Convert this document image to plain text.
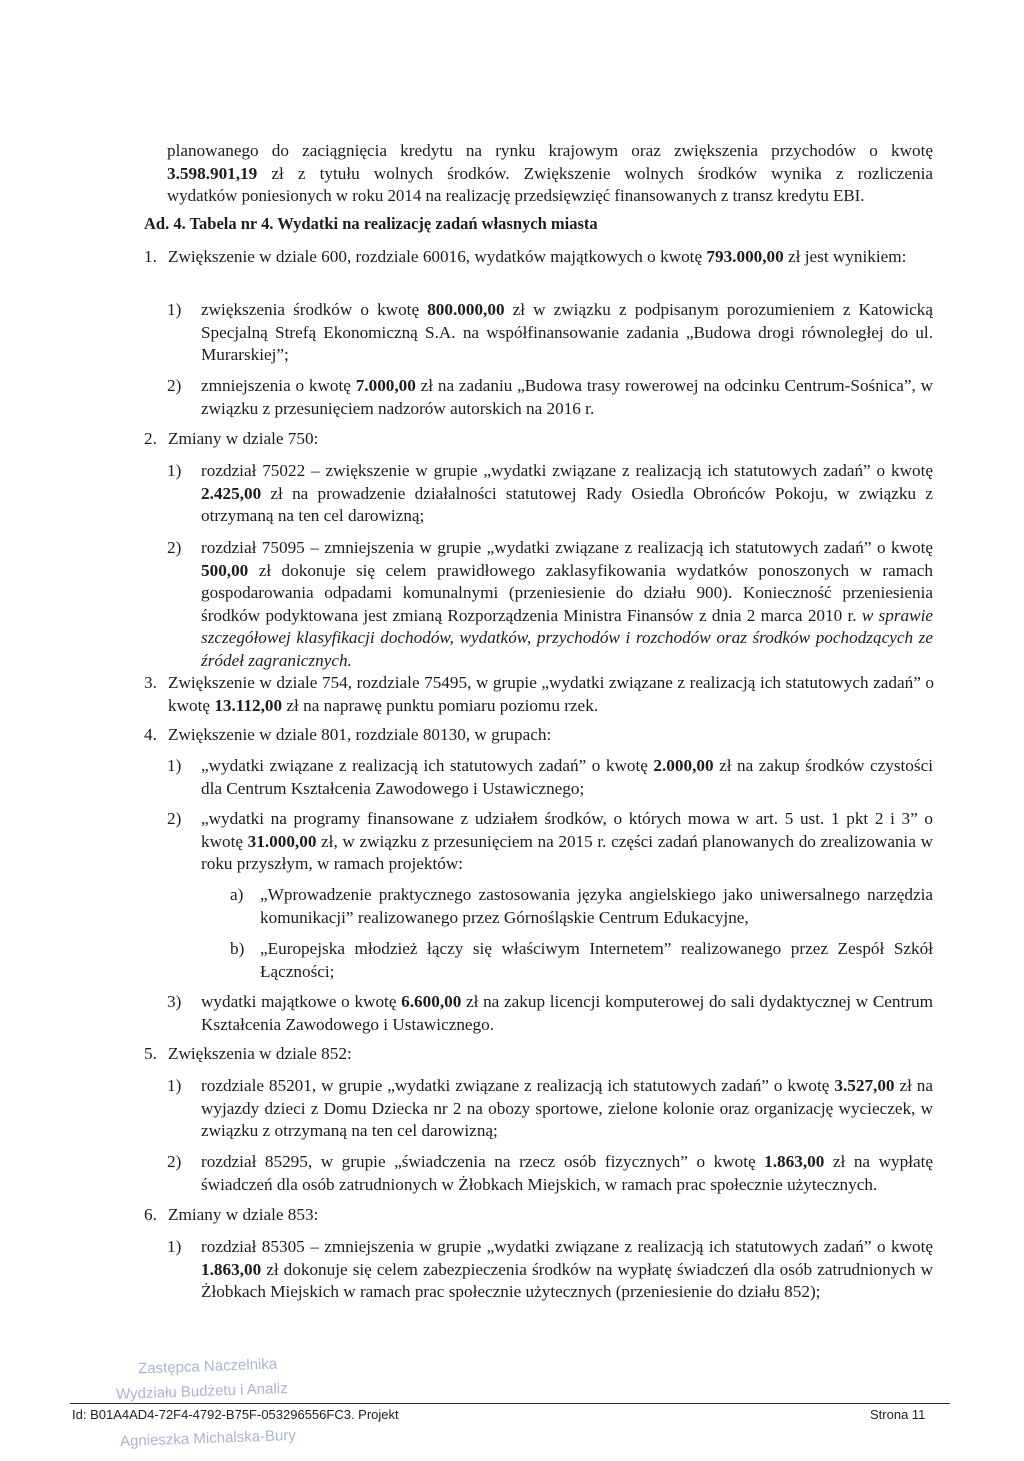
planowanego do zaciągnięcia kredytu na rynku krajowym oraz zwiększenia przychodów o kwotę
3.598.901,19 zł z tytułu wolnych środków. Zwiększenie wolnych środków wynika z rozliczenia
wydatków poniesionych w roku 2014 na realizację przedsięwzięć finansowanych z transz kredytu EBI.
Ad. 4. Tabela nr 4. Wydatki na realizację zadań własnych miasta
1. Zwiększenie w dziale 600, rozdziale 60016, wydatków majątkowych o kwotę 793.000,00 zł jest wynikiem:
1)	zwiększenia środków o kwotę 800.000,00 zł w związku z podpisanym porozumieniem z Katowicką Specjalną Strefą Ekonomiczną S.A. na współfinansowanie zadania „Budowa drogi równoległej do ul. Murarskiej”;
2)	zmniejszenia o kwotę 7.000,00 zł na zadaniu „Budowa trasy rowerowej na odcinku Centrum-Sośnica”, w związku z przesunięciem nadzorów autorskich na 2016 r.
2. Zmiany w dziale 750:
1)	rozdział 75022 – zwiększenie w grupie „wydatki związane z realizacją ich statutowych zadań” o kwotę 2.425,00 zł na prowadzenie działalności statutowej Rady Osiedla Obrońców Pokoju, w związku z otrzymaną na ten cel darowizną;
2)	rozdział 75095 – zmniejszenia w grupie „wydatki związane z realizacją ich statutowych zadań” o kwotę 500,00 zł dokonuje się celem prawidłowego zaklasyfikowania wydatków ponoszonych w ramach gospodarowania odpadami komunalnymi (przeniesienie do działu 900). Konieczność przeniesienia środków podyktowana jest zmianą Rozporządzenia Ministra Finansów z dnia 2 marca 2010 r. w sprawie szczegółowej klasyfikacji dochodów, wydatków, przychodów i rozchodów oraz środków pochodzących ze źródeł zagranicznych.
3. Zwiększenie w dziale 754, rozdziale 75495, w grupie „wydatki związane z realizacją ich statutowych zadań” o kwotę 13.112,00 zł na naprawę punktu pomiaru poziomu rzek.
4. Zwiększenie w dziale 801, rozdziale 80130, w grupach:
1)	„wydatki związane z realizacją ich statutowych zadań” o kwotę 2.000,00 zł na zakup środków czystości dla Centrum Kształcenia Zawodowego i Ustawicznego;
2)	„wydatki na programy finansowane z udziałem środków, o których mowa w art. 5 ust. 1 pkt 2 i 3” o kwotę 31.000,00 zł, w związku z przesunięciem na 2015 r. części zadań planowanych do zrealizowania w roku przyszłym, w ramach projektów:
a) „Wprowadzenie praktycznego zastosowania języka angielskiego jako uniwersalnego narzędzia komunikacji” realizowanego przez Górnośląskie Centrum Edukacyjne,
b) „Europejska młodzież łączy się właściwym Internetem” realizowanego przez Zespół Szkół Łączności;
3)	wydatki majątkowe o kwotę 6.600,00 zł na zakup licencji komputerowej do sali dydaktycznej w Centrum Kształcenia Zawodowego i Ustawicznego.
5. Zwiększenia w dziale 852:
1)	rozdziale 85201, w grupie „wydatki związane z realizacją ich statutowych zadań” o kwotę 3.527,00 zł na wyjazdy dzieci z Domu Dziecka nr 2 na obozy sportowe, zielone kolonie oraz organizację wycieczek, w związku z otrzymaną na ten cel darowizną;
2)	rozdział 85295, w grupie „świadczenia na rzecz osób fizycznych” o kwotę 1.863,00 zł na wypłatę świadczeń dla osób zatrudnionych w Żłobkach Miejskich, w ramach prac społecznie użytecznych.
6. Zmiany w dziale 853:
1)	rozdział 85305 – zmniejszenia w grupie „wydatki związane z realizacją ich statutowych zadań” o kwotę 1.863,00 zł dokonuje się celem zabezpieczenia środków na wypłatę świadczeń dla osób zatrudnionych w Żłobkach Miejskich w ramach prac społecznie użytecznych (przeniesienie do działu 852);
Zastępca Naczelnika
Wydziału Budżetu i Analiz
Agnieszka Michalska-Bury
Id: B01A4AD4-72F4-4792-B75F-053296556FC3. Projekt	Strona 11
